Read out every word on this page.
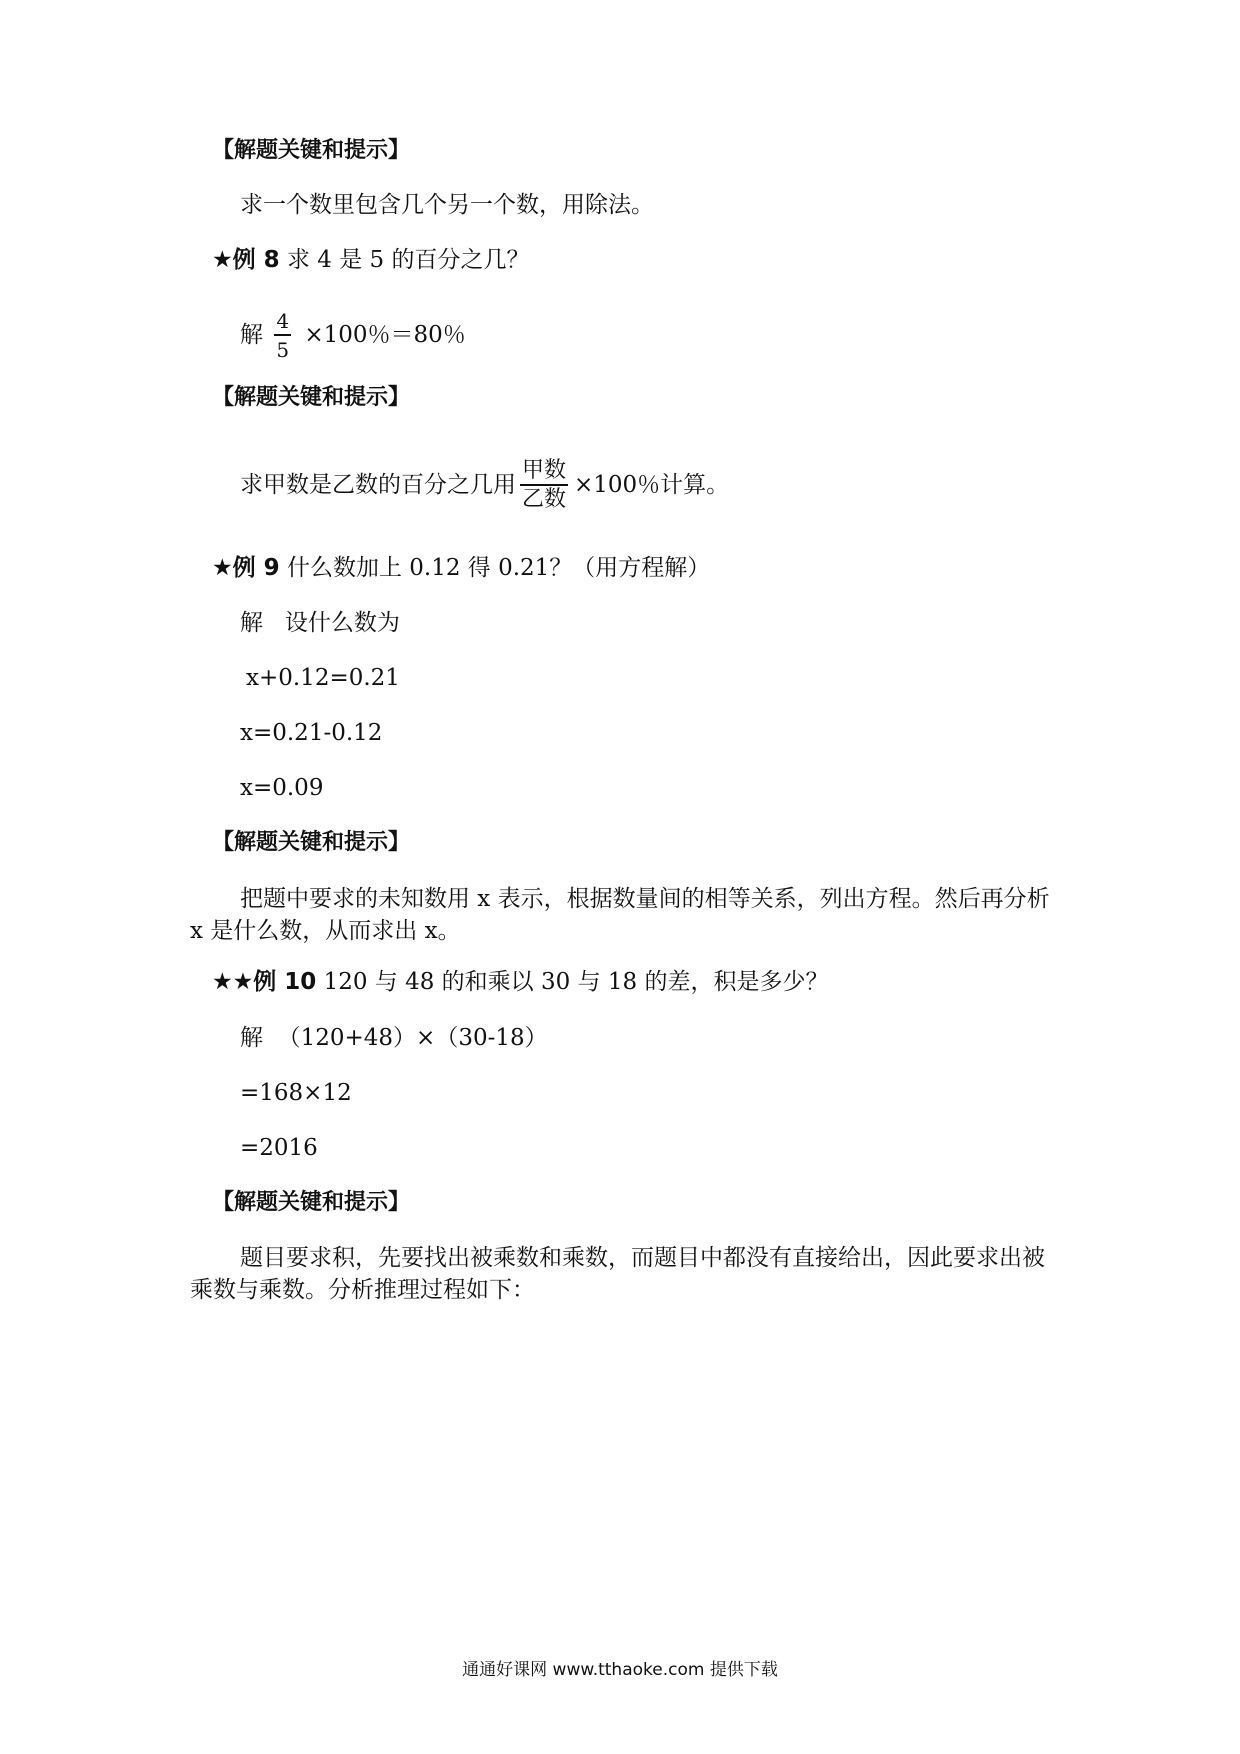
【解题关键和提示】
求一个数里包含几个另一个数，用除法。
★例 8 求 4 是 5 的百分之几？
解 $\frac{4}{5} \times 100$％＝80％
【解题关键和提示】
求甲数是乙数的百分之几用 $\frac{\text{甲数}}{\text{乙数}} \times 100$％计算。
★例 9 什么数加上 0.12 得 0.21？（用方程解）
解   设什么数为
x+0.12=0.21
x=0.21-0.12
x=0.09
【解题关键和提示】
把题中要求的未知数用 x 表示，根据数量间的相等关系，列出方程。然后再分析 x 是什么数，从而求出 x。
★★例 10 120 与 48 的和乘以 30 与 18 的差，积是多少？
解  （120+48）×（30-18）
=168×12
=2016
【解题关键和提示】
题目要求积，先要找出被乘数和乘数，而题目中都没有直接给出，因此要求出被乘数与乘数。分析推理过程如下：
通通好课网 www.tthaoke.com 提供下载
